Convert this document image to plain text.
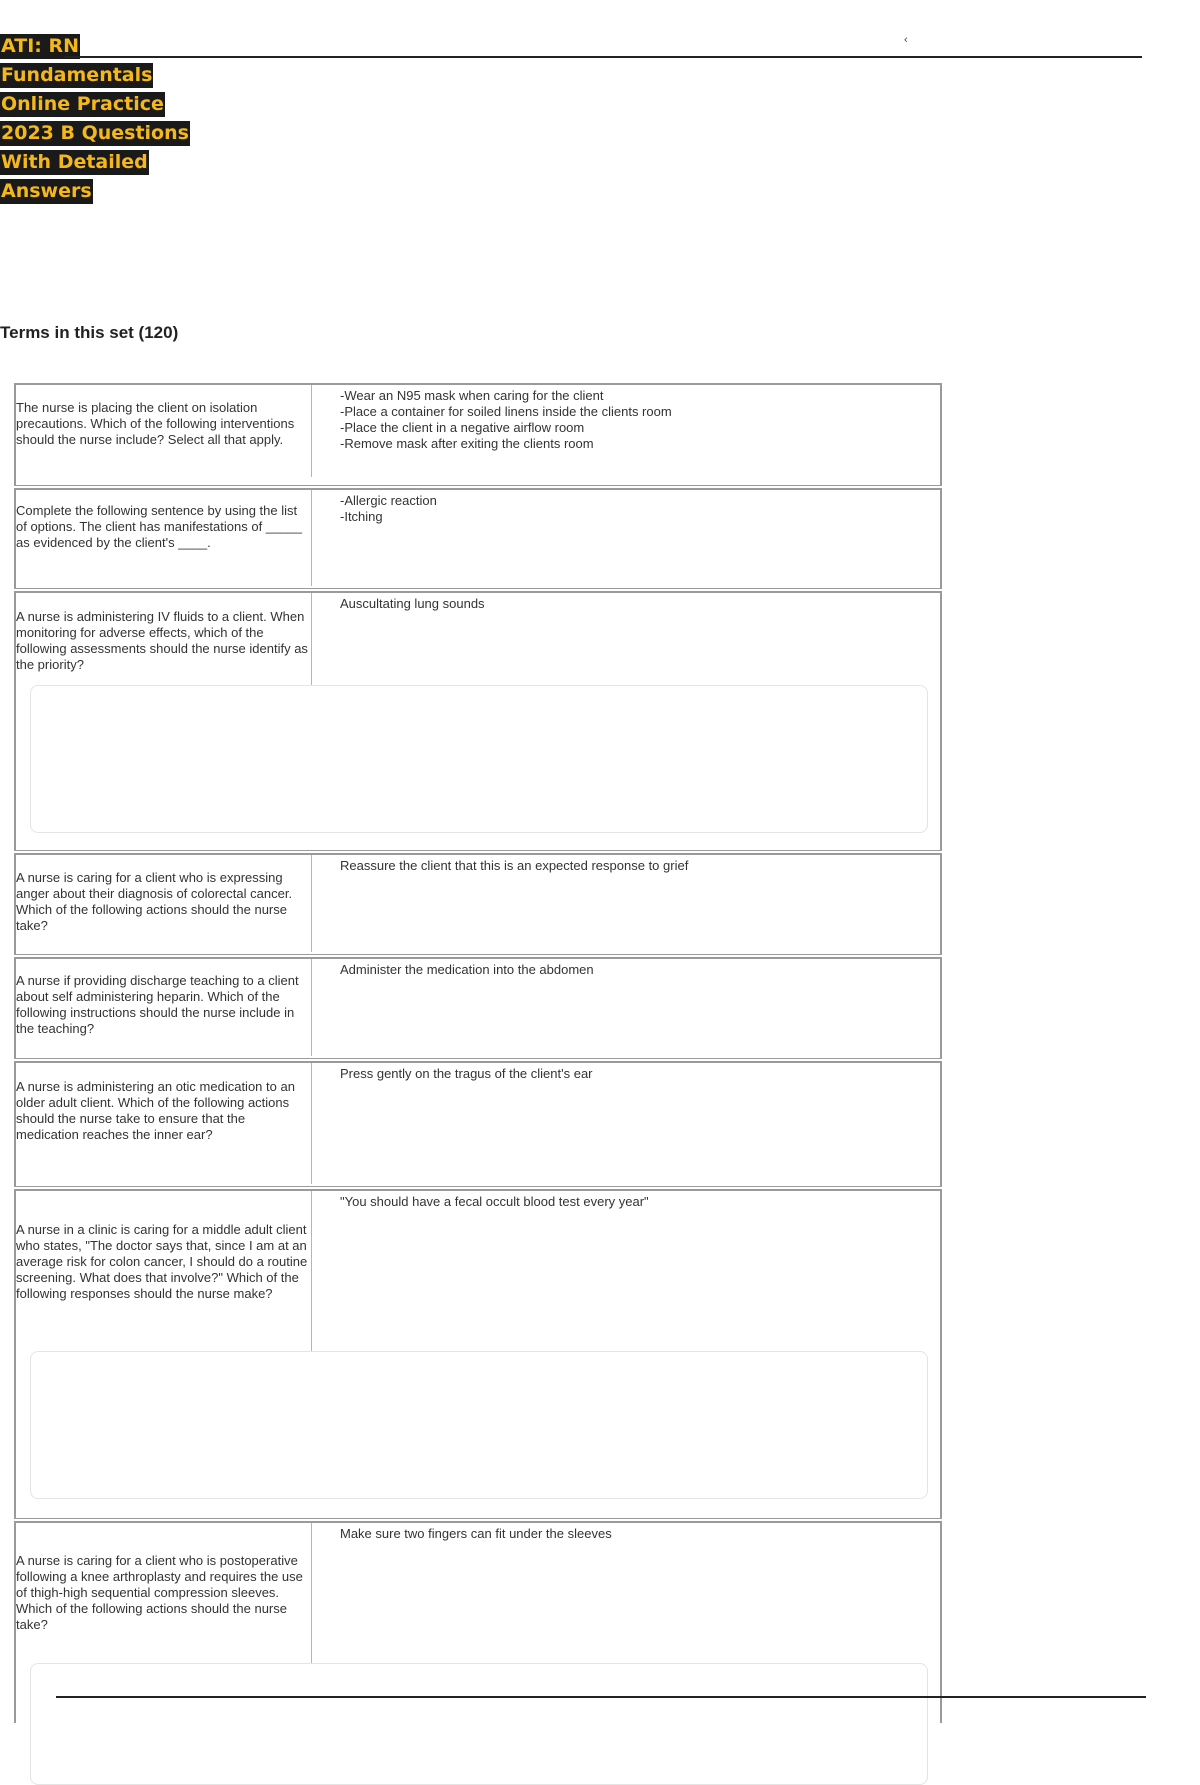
ATI: RN
Fundamentals
Online Practice
2023 B Questions
With Detailed
Answers
‹
Terms in this set (120)
The nurse is placing the client on isolation precautions. Which of the following interventions should the nurse include? Select all that apply.
-Wear an N95 mask when caring for the client
-Place a container for soiled linens inside the clients room
-Place the client in a negative airflow room
-Remove mask after exiting the clients room
Complete the following sentence by using the list of options. The client has manifestations of _____ as evidenced by the client's ____.
-Allergic reaction
-Itching
A nurse is administering IV fluids to a client. When monitoring for adverse effects, which of the following assessments should the nurse identify as the priority?
Auscultating lung sounds
A nurse is caring for a client who is expressing anger about their diagnosis of colorectal cancer. Which of the following actions should the nurse take?
Reassure the client that this is an expected response to grief
A nurse if providing discharge teaching to a client about self administering heparin. Which of the following instructions should the nurse include in the teaching?
Administer the medication into the abdomen
A nurse is administering an otic medication to an older adult client. Which of the following actions should the nurse take to ensure that the medication reaches the inner ear?
Press gently on the tragus of the client's ear
A nurse in a clinic is caring for a middle adult client who states, "The doctor says that, since I am at an average risk for colon cancer, I should do a routine screening. What does that involve?" Which of the following responses should the nurse make?
"You should have a fecal occult blood test every year"
A nurse is caring for a client who is postoperative following a knee arthroplasty and requires the use of thigh-high sequential compression sleeves. Which of the following actions should the nurse take?
Make sure two fingers can fit under the sleeves
